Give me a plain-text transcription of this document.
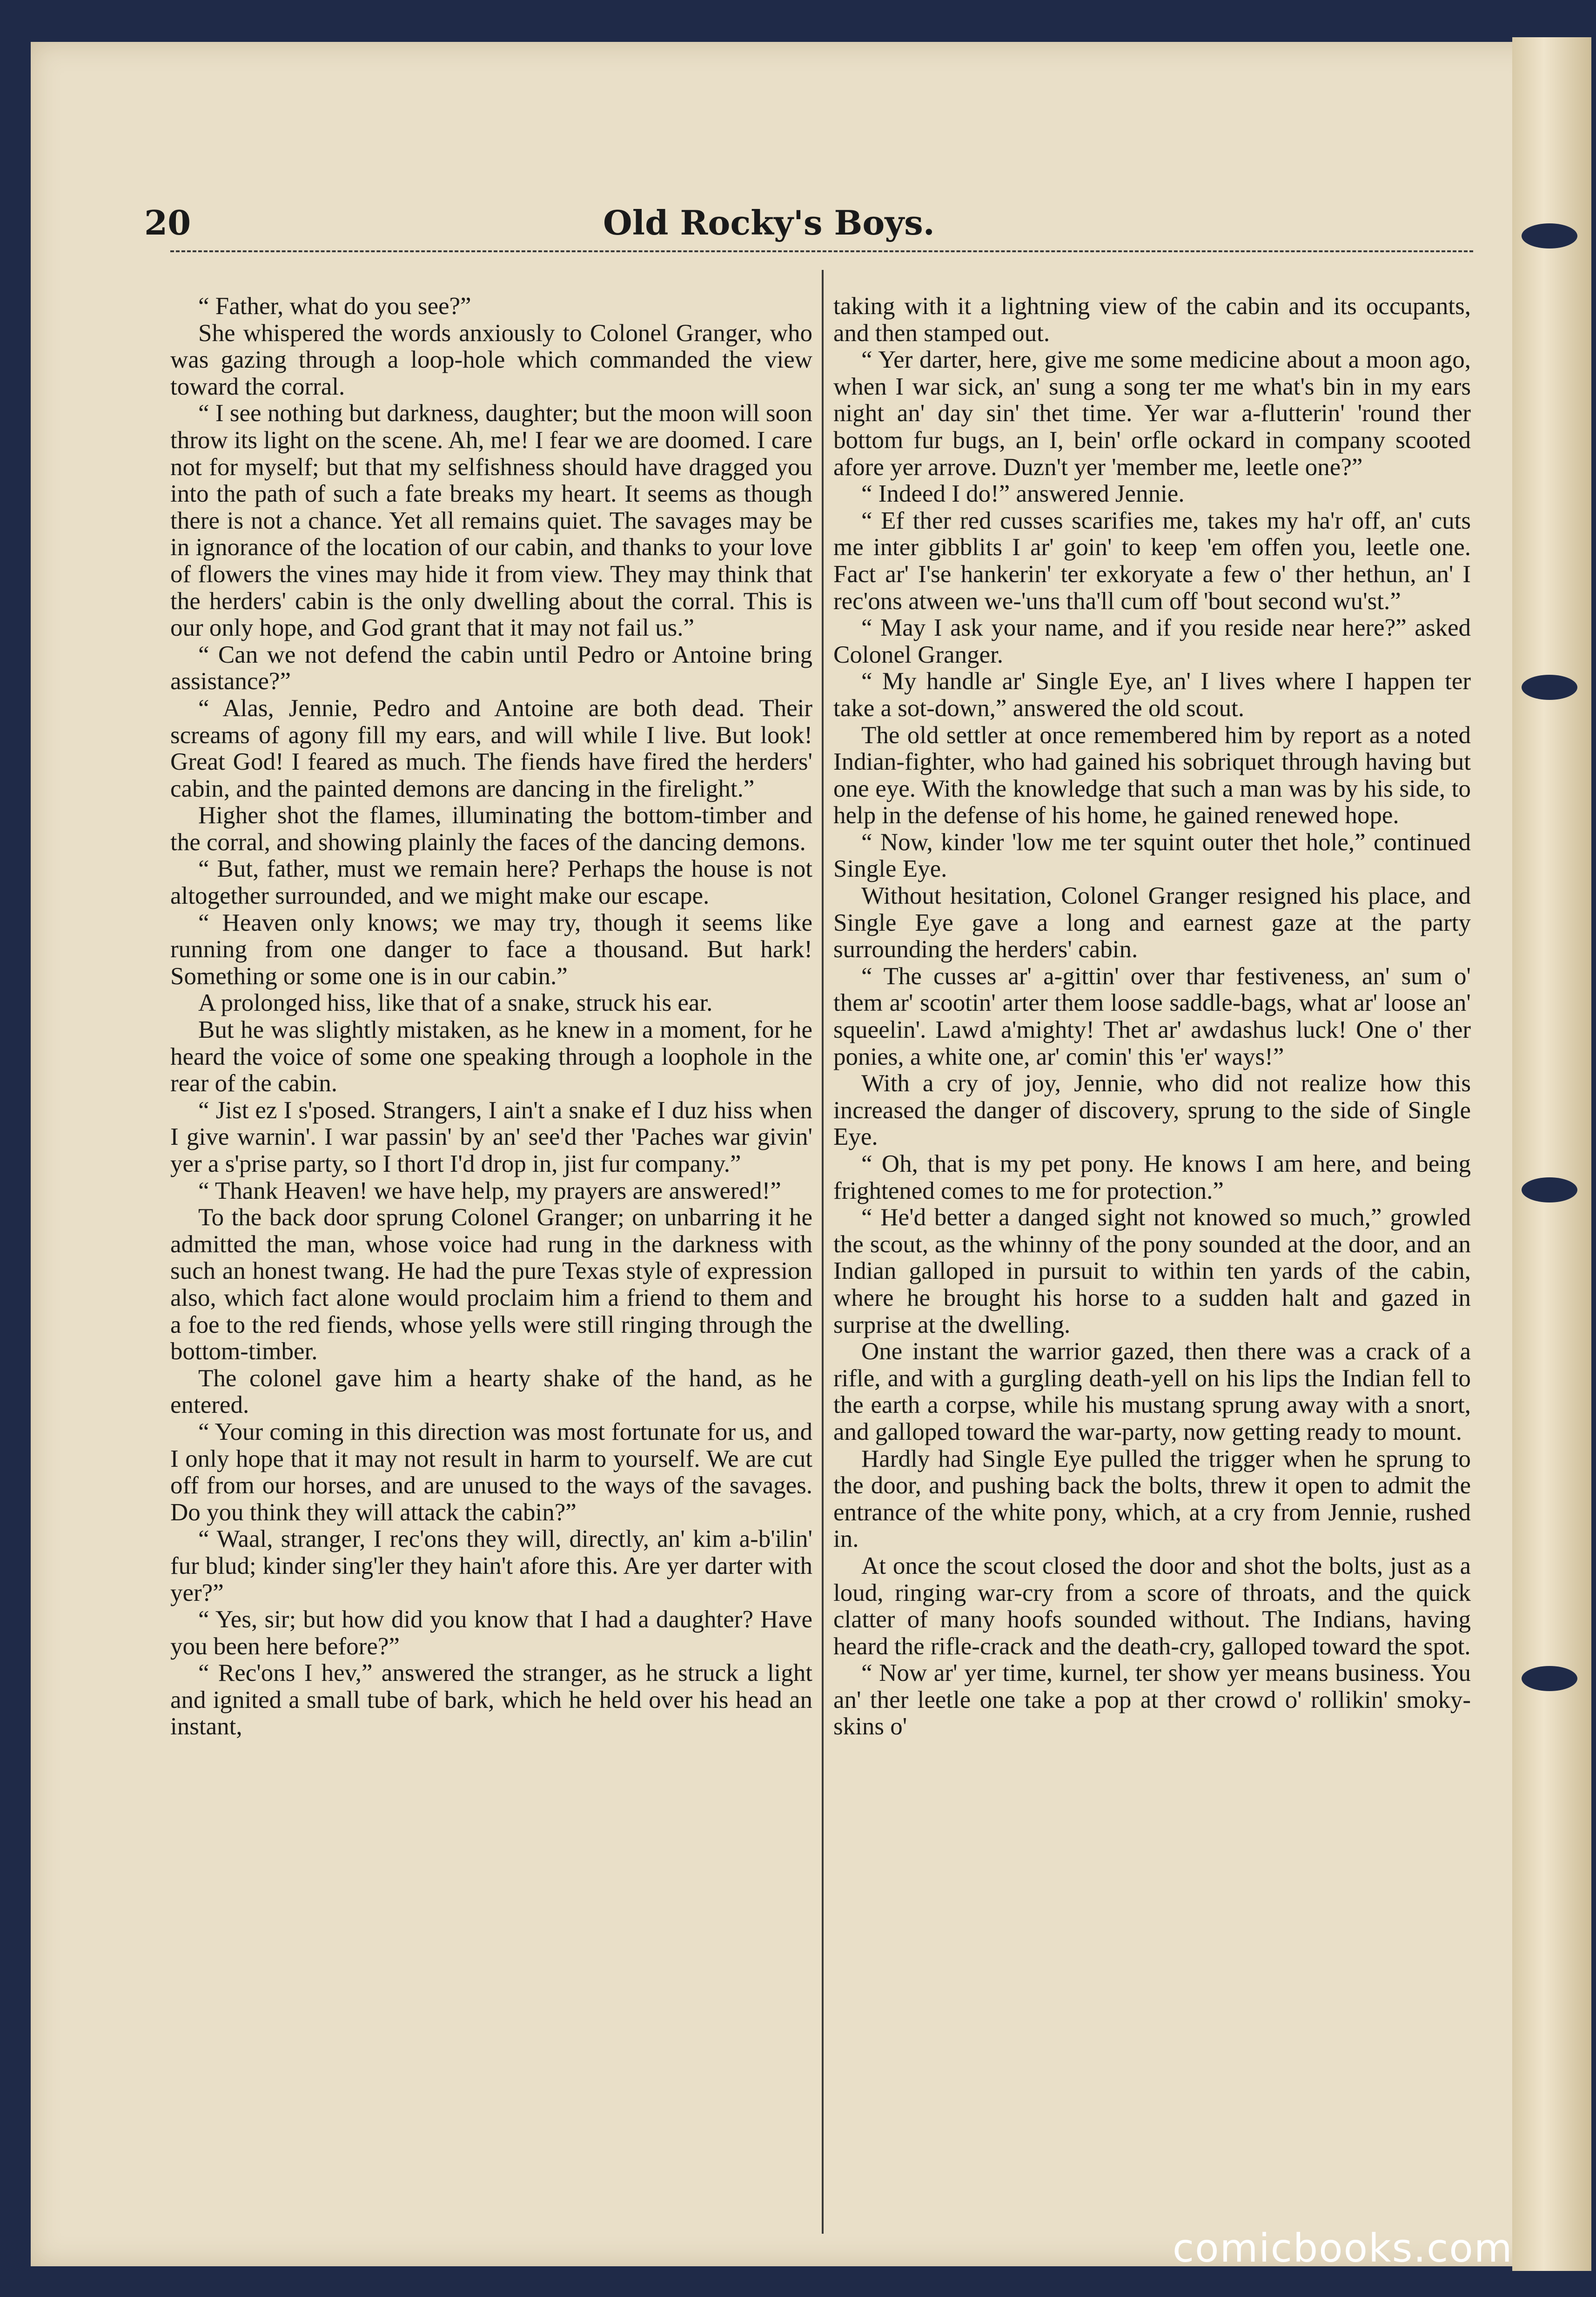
20	Old Rocky's Boys.

“ Father, what do you see?”

She whispered the words anxiously to Colonel Granger, who was gazing through a loop-hole which commanded the view toward the corral.

“ I see nothing but darkness, daughter; but the moon will soon throw its light on the scene. Ah, me! I fear we are doomed. I care not for myself; but that my selfishness should have dragged you into the path of such a fate breaks my heart. It seems as though there is not a chance. Yet all remains quiet. The savages may be in ignorance of the location of our cabin, and thanks to your love of flowers the vines may hide it from view. They may think that the herders' cabin is the only dwelling about the corral. This is our only hope, and God grant that it may not fail us.”

“ Can we not defend the cabin until Pedro or Antoine bring assistance?”

“ Alas, Jennie, Pedro and Antoine are both dead. Their screams of agony fill my ears, and will while I live. But look! Great God! I feared as much. The fiends have fired the herders' cabin, and the painted demons are dancing in the firelight.”

Higher shot the flames, illuminating the bottom-timber and the corral, and showing plainly the faces of the dancing demons.

“ But, father, must we remain here? Perhaps the house is not altogether surrounded, and we might make our escape.

“ Heaven only knows; we may try, though it seems like running from one danger to face a thousand. But hark! Something or some one is in our cabin.”

A prolonged hiss, like that of a snake, struck his ear.

But he was slightly mistaken, as he knew in a moment, for he heard the voice of some one speaking through a loophole in the rear of the cabin.

“ Jist ez I s'posed. Strangers, I ain't a snake ef I duz hiss when I give warnin'. I war passin' by an' see'd ther 'Paches war givin' yer a s'prise party, so I thort I'd drop in, jist fur company.”

“ Thank Heaven! we have help, my prayers are answered!”

To the back door sprung Colonel Granger; on unbarring it he admitted the man, whose voice had rung in the darkness with such an honest twang. He had the pure Texas style of expression also, which fact alone would proclaim him a friend to them and a foe to the red fiends, whose yells were still ringing through the bottom-timber.

The colonel gave him a hearty shake of the hand, as he entered.

“ Your coming in this direction was most fortunate for us, and I only hope that it may not result in harm to yourself. We are cut off from our horses, and are unused to the ways of the savages. Do you think they will attack the cabin?”

“ Waal, stranger, I rec'ons they will, directly, an' kim a-b'ilin' fur blud; kinder sing'ler they hain't afore this. Are yer darter with yer?”

“ Yes, sir; but how did you know that I had a daughter? Have you been here before?”

“ Rec'ons I hev,” answered the stranger, as he struck a light and ignited a small tube of bark, which he held over his head an instant,

taking with it a lightning view of the cabin and its occupants, and then stamped out.

“ Yer darter, here, give me some medicine about a moon ago, when I war sick, an' sung a song ter me what's bin in my ears night an' day sin' thet time. Yer war a-flutterin' 'round ther bottom fur bugs, an I, bein' orfle ockard in company scooted afore yer arrove. Duzn't yer 'member me, leetle one?”

“ Indeed I do!” answered Jennie.

“ Ef ther red cusses scarifies me, takes my ha'r off, an' cuts me inter gibblits I ar' goin' to keep 'em offen you, leetle one. Fact ar' I'se hankerin' ter exkoryate a few o' ther hethun, an' I rec'ons atween we-'uns tha'll cum off 'bout second wu'st.”

“ May I ask your name, and if you reside near here?” asked Colonel Granger.

“ My handle ar' Single Eye, an' I lives where I happen ter take a sot-down,” answered the old scout.

The old settler at once remembered him by report as a noted Indian-fighter, who had gained his sobriquet through having but one eye. With the knowledge that such a man was by his side, to help in the defense of his home, he gained renewed hope.

“ Now, kinder 'low me ter squint outer thet hole,” continued Single Eye.

Without hesitation, Colonel Granger resigned his place, and Single Eye gave a long and earnest gaze at the party surrounding the herders' cabin.

“ The cusses ar' a-gittin' over thar festiveness, an' sum o' them ar' scootin' arter them loose saddle-bags, what ar' loose an' squeelin'. Lawd a'mighty! Thet ar' awdashus luck! One o' ther ponies, a white one, ar' comin' this 'er' ways!”

With a cry of joy, Jennie, who did not realize how this increased the danger of discovery, sprung to the side of Single Eye.

“ Oh, that is my pet pony. He knows I am here, and being frightened comes to me for protection.”

“ He'd better a danged sight not knowed so much,” growled the scout, as the whinny of the pony sounded at the door, and an Indian galloped in pursuit to within ten yards of the cabin, where he brought his horse to a sudden halt and gazed in surprise at the dwelling.

One instant the warrior gazed, then there was a crack of a rifle, and with a gurgling death-yell on his lips the Indian fell to the earth a corpse, while his mustang sprung away with a snort, and galloped toward the war-party, now getting ready to mount.

Hardly had Single Eye pulled the trigger when he sprung to the door, and pushing back the bolts, threw it open to admit the entrance of the white pony, which, at a cry from Jennie, rushed in.

At once the scout closed the door and shot the bolts, just as a loud, ringing war-cry from a score of throats, and the quick clatter of many hoofs sounded without. The Indians, having heard the rifle-crack and the death-cry, galloped toward the spot.

“ Now ar' yer time, kurnel, ter show yer means business. You an' ther leetle one take a pop at ther crowd o' rollikin' smoky-skins o'

comicbooks.com
